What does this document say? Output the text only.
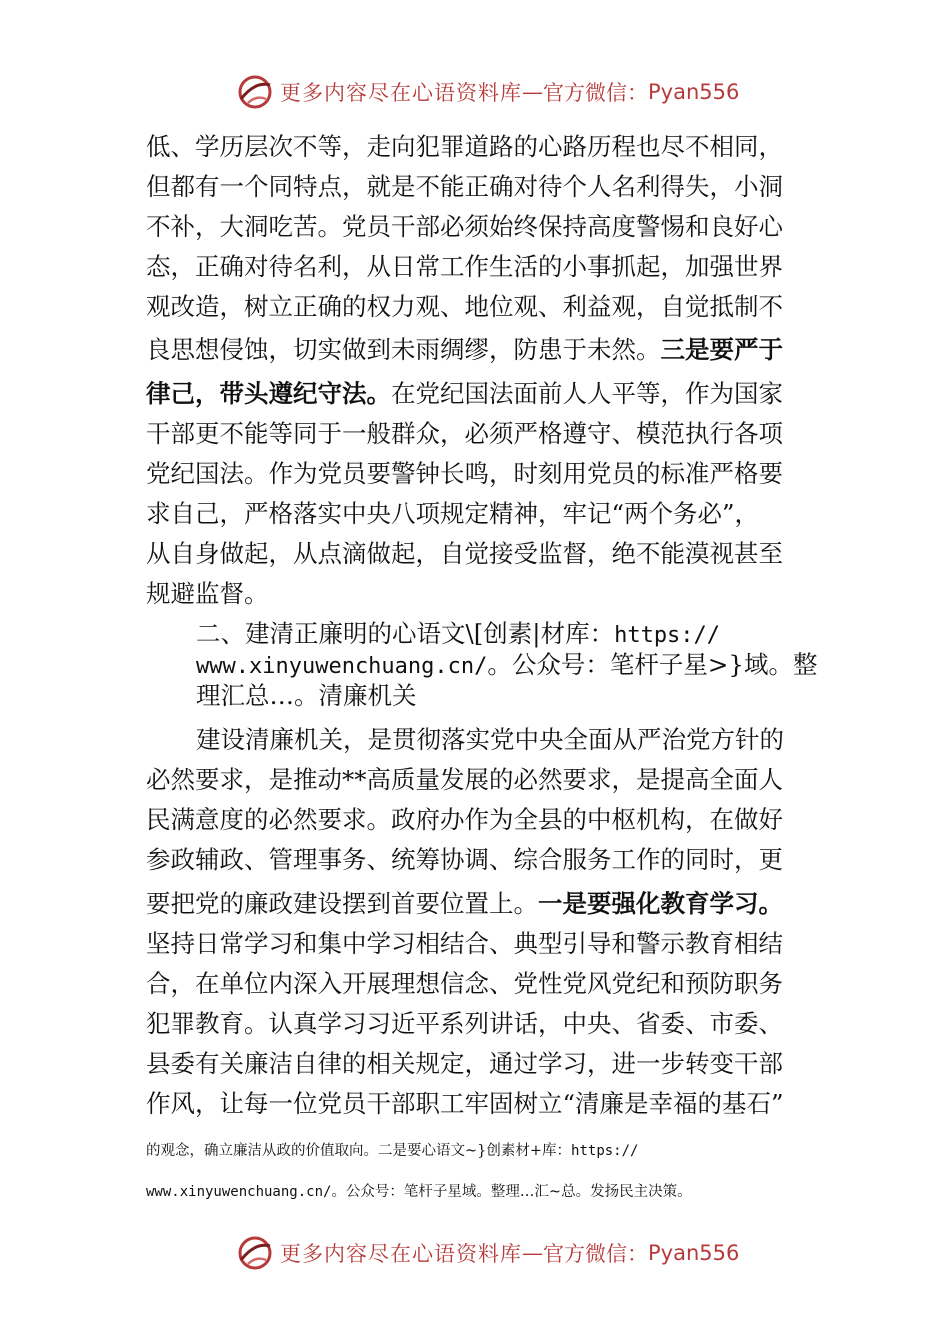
更多内容尽在心语资料库 — 官方微信： Pyan556
低、学历层次不等，走向犯罪道路的心路历程也尽不相同，
但都有一个同特点，就是不能正确对待个人名利得失，小洞
不补，大洞吃苦。党员干部必须始终保持高度警惕和良好心
态，正确对待名利，从日常工作生活的小事抓起，加强世界
观改造，树立正确的权力观、地位观、利益观，自觉抵制不
良思想侵蚀，切实做到未雨绸缪，防患于未然。三是要严于
律己，带头遵纪守法。在党纪国法面前人人平等，作为国家
干部更不能等同于一般群众，必须严格遵守、模范执行各项
党纪国法。作为党员要警钟长鸣，时刻用党员的标准严格要
求自己，严格落实中央八项规定精神，牢记“两个务必”，
从自身做起，从点滴做起，自觉接受监督，绝不能漠视甚至
规避监督。
二、建清正廉明的心语文\[创素|材库：https://
www.xinyuwenchuang.cn/。公众号：笔杆子星>}域。整
理汇总…。清廉机关
建设清廉机关，是贯彻落实党中央全面从严治党方针的
必然要求，是推动**高质量发展的必然要求，是提高全面人
民满意度的必然要求。政府办作为全县的中枢机构，在做好
参政辅政、管理事务、统筹协调、综合服务工作的同时，更
要把党的廉政建设摆到首要位置上。一是要强化教育学习。
坚持日常学习和集中学习相结合、典型引导和警示教育相结
合，在单位内深入开展理想信念、党性党风党纪和预防职务
犯罪教育。认真学习习近平系列讲话，中央、省委、市委、
县委有关廉洁自律的相关规定，通过学习，进一步转变干部
作风，让每一位党员干部职工牢固树立“清廉是幸福的基石”
的观念，确立廉洁从政的价值取向。二是要心语文~}创素材+库：https://
www.xinyuwenchuang.cn/。公众号：笔杆子星域。整理…汇~总。发扬民主决策。
更多内容尽在心语资料库 — 官方微信： Pyan556
